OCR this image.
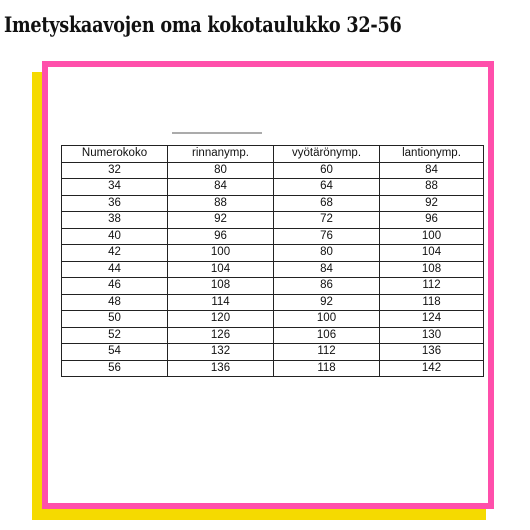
Imetyskaavojen oma kokotaulukko 32-56
Numerokoko	rinnanymp.	vyötärönymp.	lantionymp.
32	80	60	84
34	84	64	88
36	88	68	92
38	92	72	96
40	96	76	100
42	100	80	104
44	104	84	108
46	108	86	112
48	114	92	118
50	120	100	124
52	126	106	130
54	132	112	136
56	136	118	142
